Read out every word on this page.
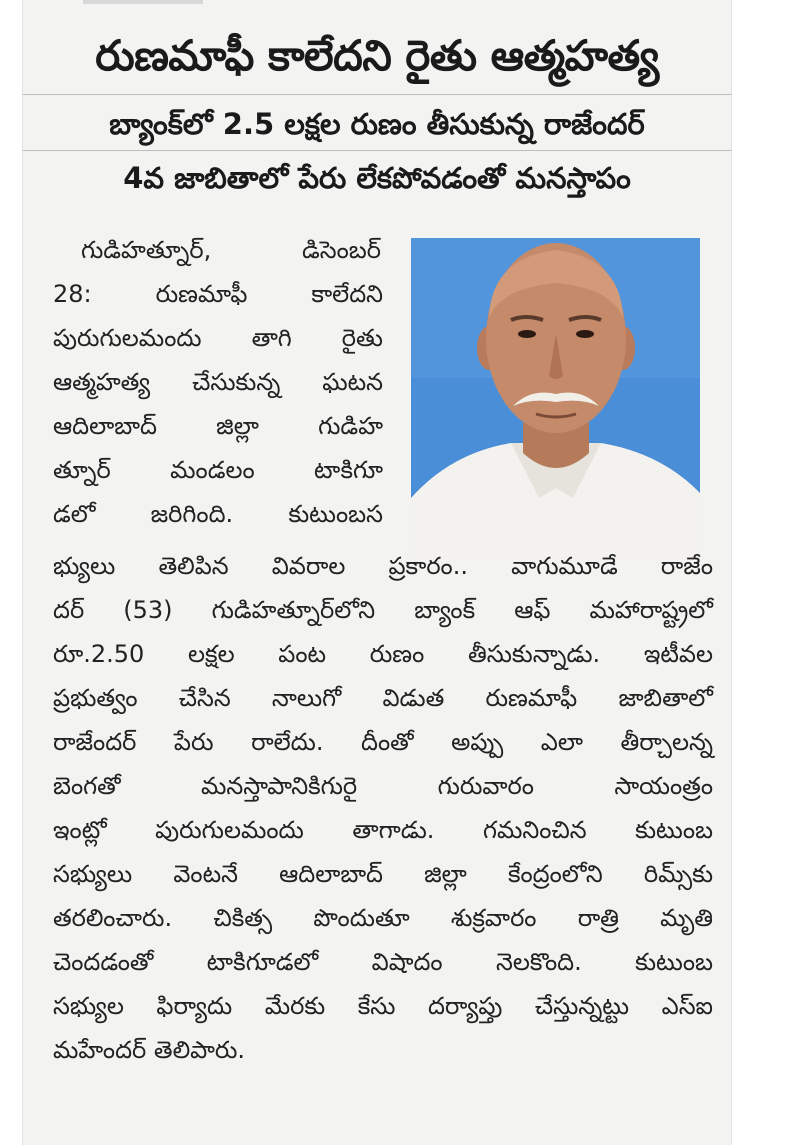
రుణమాఫీ కాలేదని రైతు ఆత్మహత్య
బ్యాంక్‌లో 2.5 లక్షల రుణం తీసుకున్న రాజేందర్
4వ జాబితాలో పేరు లేకపోవడంతో మనస్తాపం
గుడిహత్నూర్, డిసెంబర్
28: రుణమాఫీ కాలేదని
పురుగులమందు తాగి రైతు
ఆత్మహత్య చేసుకున్న ఘటన
ఆదిలాబాద్ జిల్లా గుడిహ
త్నూర్ మండలం టాకిగూ
డలో జరిగింది. కుటుంబస
భ్యులు తెలిపిన వివరాల ప్రకారం.. వాగుమూడే రాజేం
దర్ (53) గుడిహత్నూర్‌లోని బ్యాంక్ ఆఫ్ మహారాష్ట్రలో
రూ.2.50 లక్షల పంట రుణం తీసుకున్నాడు. ఇటీవల
ప్రభుత్వం చేసిన నాలుగో విడుత రుణమాఫీ జాబితాలో
రాజేందర్ పేరు రాలేదు. దీంతో అప్పు ఎలా తీర్చాలన్న
బెంగతో మనస్తాపానికిగురై గురువారం సాయంత్రం
ఇంట్లో పురుగులమందు తాగాడు. గమనించిన కుటుంబ
సభ్యులు వెంటనే ఆదిలాబాద్ జిల్లా కేంద్రంలోని రిమ్స్‌కు
తరలించారు. చికిత్స పొందుతూ శుక్రవారం రాత్రి మృతి
చెందడంతో టాకిగూడలో విషాదం నెలకొంది. కుటుంబ
సభ్యుల ఫిర్యాదు మేరకు కేసు దర్యాప్తు చేస్తున్నట్టు ఎస్ఐ
మహేందర్ తెలిపారు.
